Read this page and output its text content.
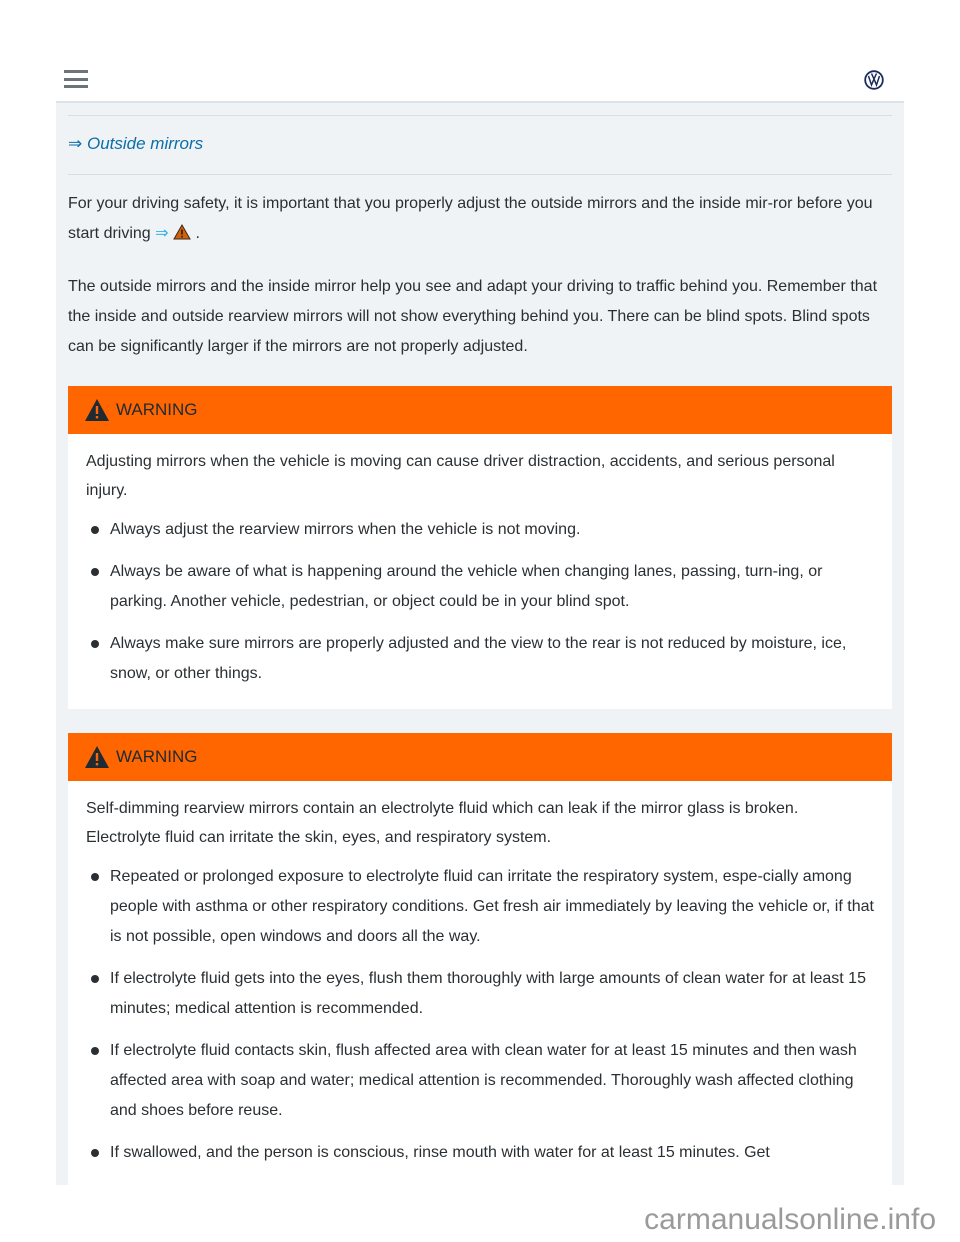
⇒ Outside mirrors
For your driving safety, it is important that you properly adjust the outside mirrors and the inside mir-ror before you start driving ⇒ .
The outside mirrors and the inside mirror help you see and adapt your driving to traffic behind you. Remember that the inside and outside rearview mirrors will not show everything behind you. There can be blind spots. Blind spots can be significantly larger if the mirrors are not properly adjusted.
WARNING
Adjusting mirrors when the vehicle is moving can cause driver distraction, accidents, and serious personal injury.
Always adjust the rearview mirrors when the vehicle is not moving.
Always be aware of what is happening around the vehicle when changing lanes, passing, turn-ing, or parking. Another vehicle, pedestrian, or object could be in your blind spot.
Always make sure mirrors are properly adjusted and the view to the rear is not reduced by moisture, ice, snow, or other things.
WARNING
Self-dimming rearview mirrors contain an electrolyte fluid which can leak if the mirror glass is broken. Electrolyte fluid can irritate the skin, eyes, and respiratory system.
Repeated or prolonged exposure to electrolyte fluid can irritate the respiratory system, espe-cially among people with asthma or other respiratory conditions. Get fresh air immediately by leaving the vehicle or, if that is not possible, open windows and doors all the way.
If electrolyte fluid gets into the eyes, flush them thoroughly with large amounts of clean water for at least 15 minutes; medical attention is recommended.
If electrolyte fluid contacts skin, flush affected area with clean water for at least 15 minutes and then wash affected area with soap and water; medical attention is recommended. Thoroughly wash affected clothing and shoes before reuse.
If swallowed, and the person is conscious, rinse mouth with water for at least 15 minutes. Get
carmanualsonline.info
